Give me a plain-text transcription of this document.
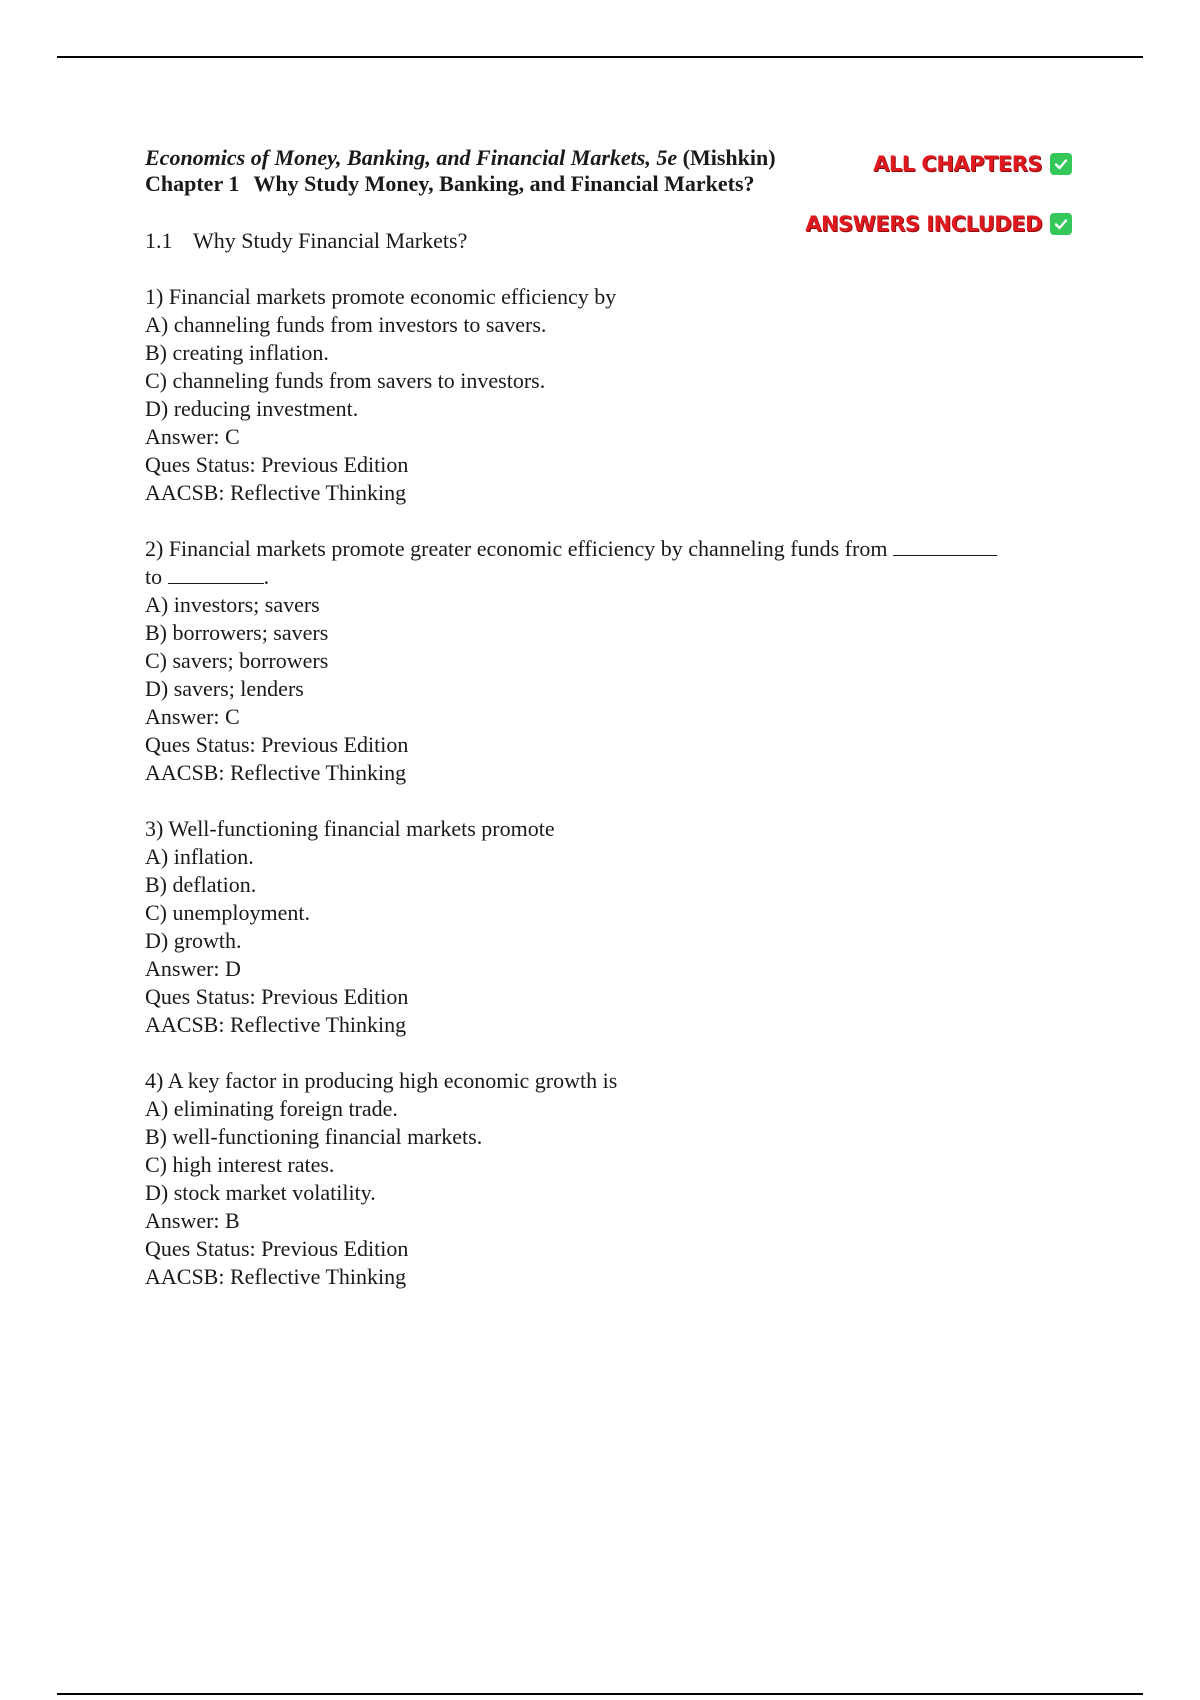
ALL CHAPTERS
ANSWERS INCLUDED
Economics of Money, Banking, and Financial Markets, 5e (Mishkin)
Chapter 1 Why Study Money, Banking, and Financial Markets?
1.1 Why Study Financial Markets?
1) Financial markets promote economic efficiency by
A) channeling funds from investors to savers.
B) creating inflation.
C) channeling funds from savers to investors.
D) reducing investment.
Answer: C
Ques Status: Previous Edition
AACSB: Reflective Thinking
2) Financial markets promote greater economic efficiency by channeling funds from
to	.
A) investors; savers
B) borrowers; savers
C) savers; borrowers
D) savers; lenders
Answer: C
Ques Status: Previous Edition
AACSB: Reflective Thinking
3) Well-functioning financial markets promote
A) inflation.
B) deflation.
C) unemployment.
D) growth.
Answer: D
Ques Status: Previous Edition
AACSB: Reflective Thinking
4) A key factor in producing high economic growth is
A) eliminating foreign trade.
B) well-functioning financial markets.
C) high interest rates.
D) stock market volatility.
Answer: B
Ques Status: Previous Edition
AACSB: Reflective Thinking
